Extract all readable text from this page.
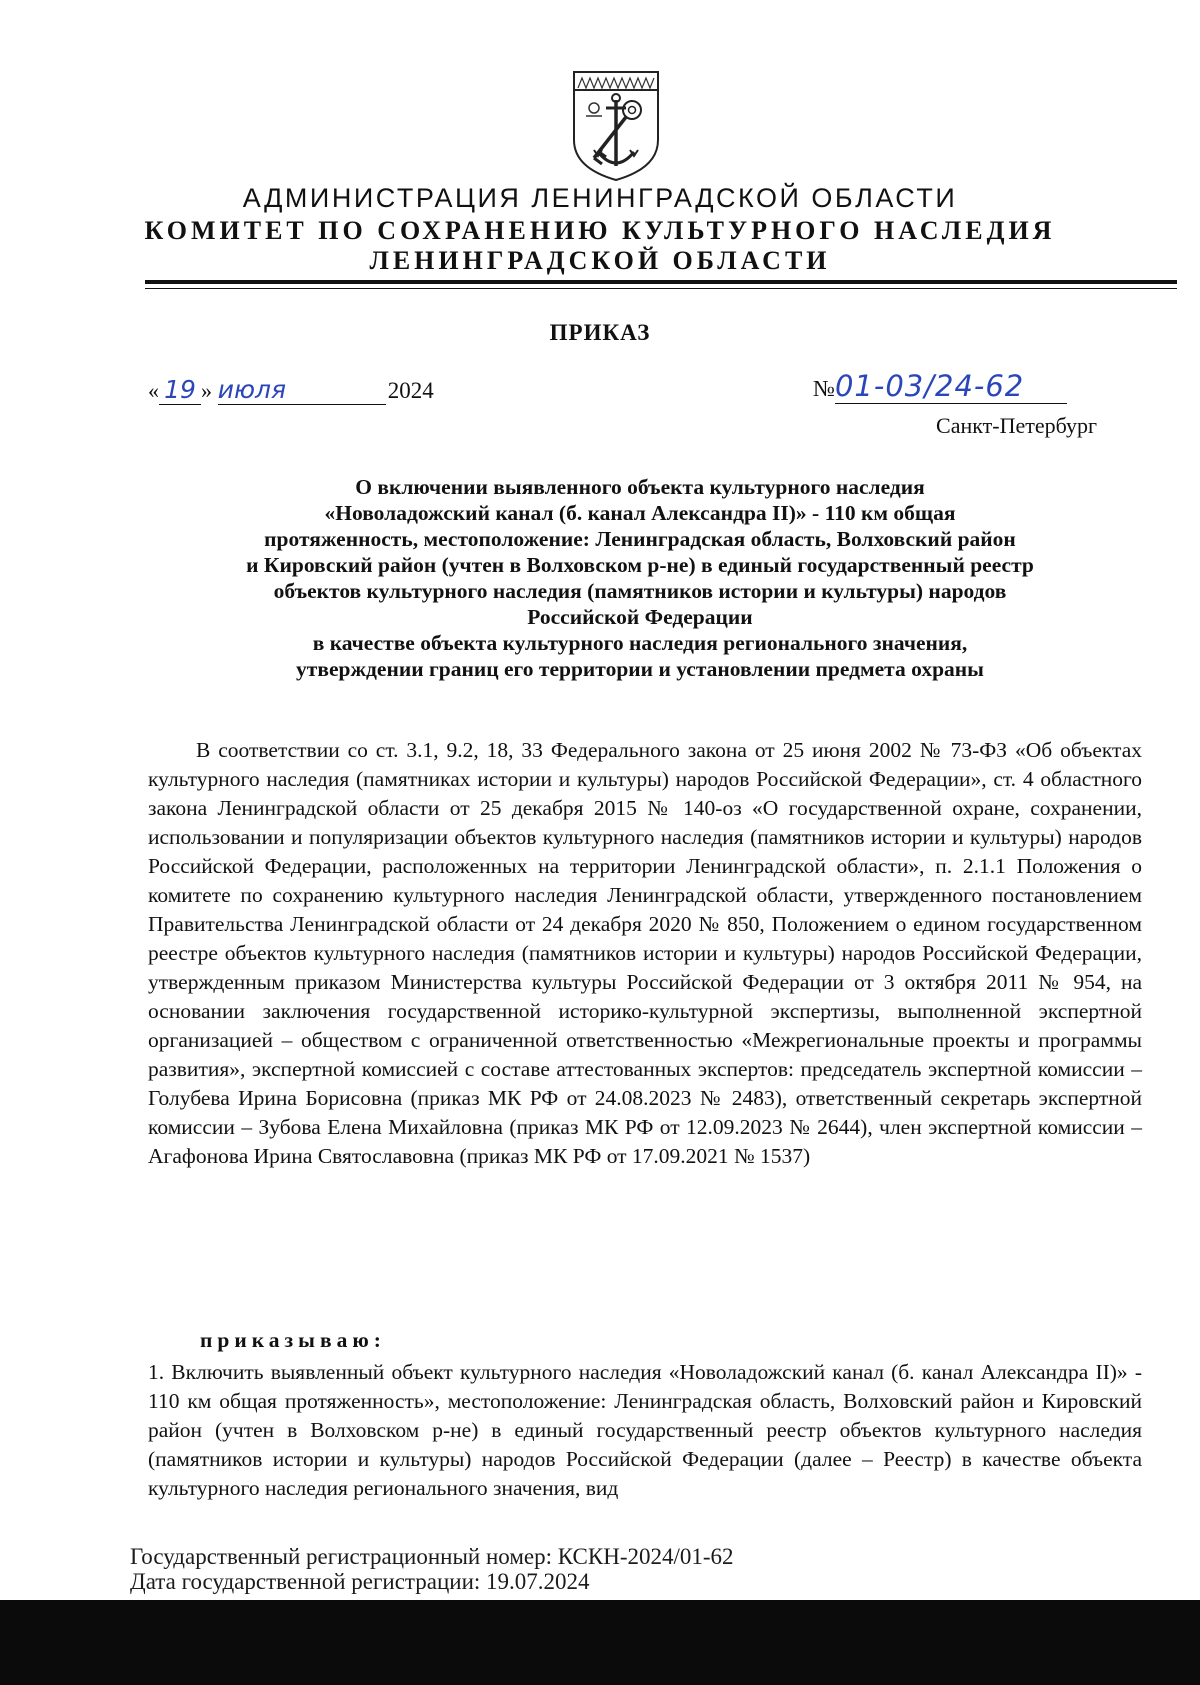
АДМИНИСТРАЦИЯ ЛЕНИНГРАДСКОЙ ОБЛАСТИ
КОМИТЕТ ПО СОХРАНЕНИЮ КУЛЬТУРНОГО НАСЛЕДИЯ
ЛЕНИНГРАДСКОЙ ОБЛАСТИ
ПРИКАЗ
« 19 » июля	2024	№01-03/24-62
Санкт-Петербург

О включении выявленного объекта культурного наследия

«Новоладожский канал (б. канал Александра II)» - 110 км общая

протяженность, местоположение: Ленинградская область, Волховский район

и Кировский район (учтен в Волховском р-не) в единый государственный реестр

объектов культурного наследия (памятников истории и культуры) народов

Российской Федерации

в качестве объекта культурного наследия регионального значения,

утверждении границ его территории и установлении предмета охраны

В соответствии со ст. 3.1, 9.2, 18, 33 Федерального закона от 25 июня 2002 № 73-ФЗ «Об объектах культурного наследия (памятниках истории и культуры) народов Российской Федерации», ст. 4 областного закона Ленинградской области от 25 декабря 2015 № 140-оз «О государственной охране, сохранении, использовании и популяризации объектов культурного наследия (памятников истории и культуры) народов Российской Федерации, расположенных на территории Ленинградской области», п. 2.1.1 Положения о комитете по сохранению культурного наследия Ленинградской области, утвержденного постановлением Правительства Ленинградской области от 24 декабря 2020 № 850, Положением о едином государственном реестре объектов культурного наследия (памятников истории и культуры) народов Российской Федерации, утвержденным приказом Министерства культуры Российской Федерации от 3 октября 2011 № 954, на основании заключения государственной историко-культурной экспертизы, выполненной экспертной организацией – обществом с ограниченной ответственностью «Межрегиональные проекты и программы развития», экспертной комиссией с составе аттестованных экспертов: председатель экспертной комиссии – Голубева Ирина Борисовна (приказ МК РФ от 24.08.2023 № 2483), ответственный секретарь экспертной комиссии – Зубова Елена Михайловна (приказ МК РФ от 12.09.2023 № 2644), член экспертной комиссии – Агафонова Ирина Святославовна (приказ МК РФ от 17.09.2021 № 1537)

приказываю:

1. Включить выявленный объект культурного наследия «Новоладожский канал (б. канал Александра II)» - 110 км общая протяженность», местоположение: Ленинградская область, Волховский район и Кировский район (учтен в Волховском р-не) в единый государственный реестр объектов культурного наследия (памятников истории и культуры) народов Российской Федерации (далее – Реестр) в качестве объекта культурного наследия регионального значения, вид

Государственный регистрационный номер: КСКН-2024/01-62
Дата государственной регистрации: 19.07.2024
